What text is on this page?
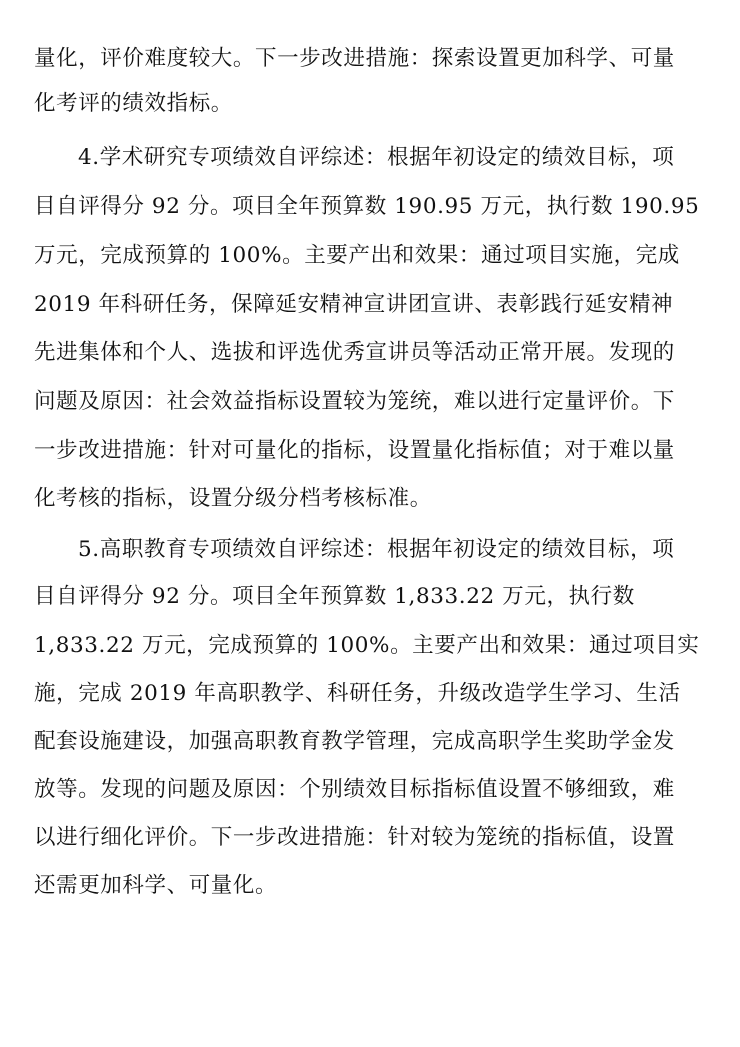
量化，评价难度较大。下一步改进措施：探索设置更加科学、可量
化考评的绩效指标。
4.学术研究专项绩效自评综述：根据年初设定的绩效目标，项
目自评得分 92 分。项目全年预算数 190.95 万元，执行数 190.95
万元，完成预算的 100%。主要产出和效果：通过项目实施，完成
2019 年科研任务，保障延安精神宣讲团宣讲、表彰践行延安精神
先进集体和个人、选拔和评选优秀宣讲员等活动正常开展。发现的
问题及原因：社会效益指标设置较为笼统，难以进行定量评价。下
一步改进措施：针对可量化的指标，设置量化指标值；对于难以量
化考核的指标，设置分级分档考核标准。
5.高职教育专项绩效自评综述：根据年初设定的绩效目标，项
目自评得分 92 分。项目全年预算数 1,833.22 万元，执行数
1,833.22 万元，完成预算的 100%。主要产出和效果：通过项目实
施，完成 2019 年高职教学、科研任务，升级改造学生学习、生活
配套设施建设，加强高职教育教学管理，完成高职学生奖助学金发
放等。发现的问题及原因：个别绩效目标指标值设置不够细致，难
以进行细化评价。下一步改进措施：针对较为笼统的指标值，设置
还需更加科学、可量化。
